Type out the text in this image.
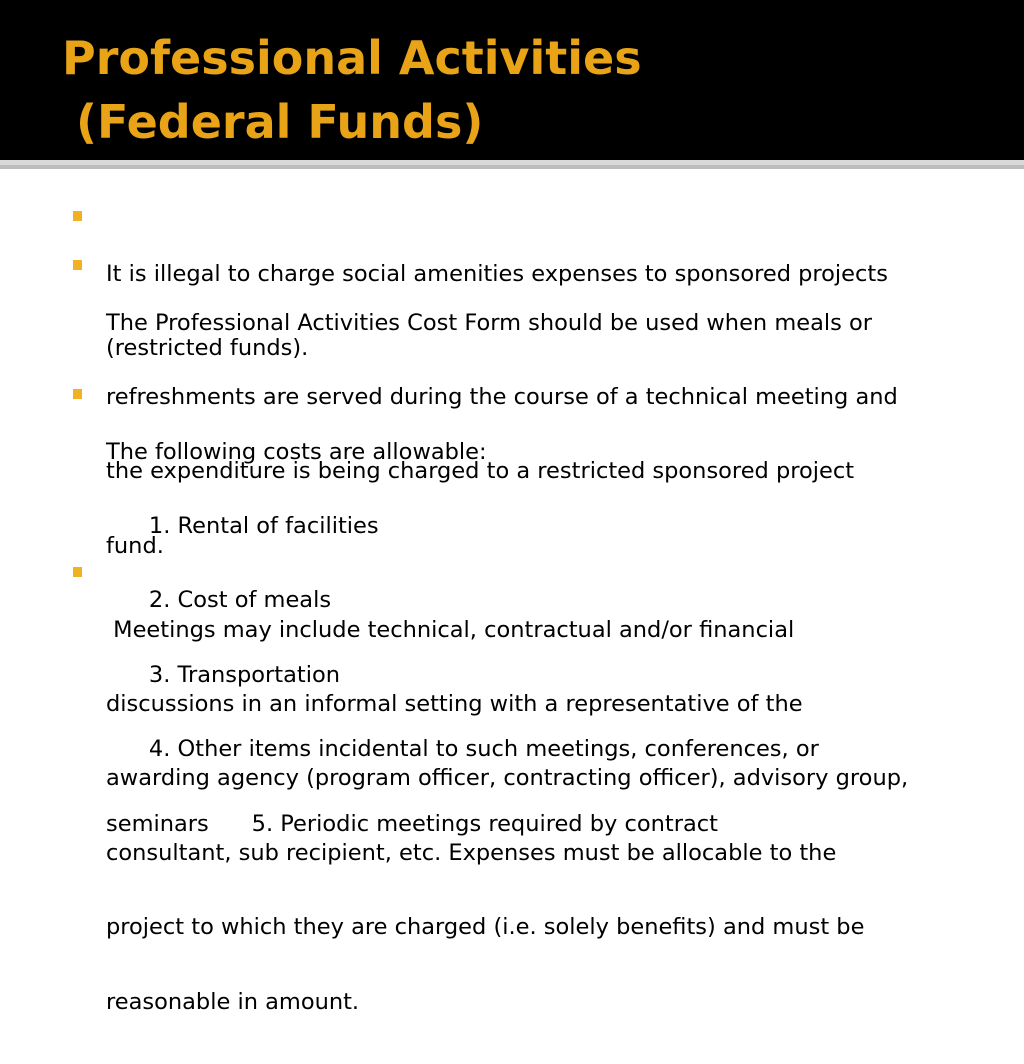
Professional Activities
(Federal Funds)

It is illegal to charge social amenities expenses to sponsored projects

(restricted funds).

The Professional Activities Cost Form should be used when meals or

refreshments are served during the course of a technical meeting and

the expenditure is being charged to a restricted sponsored project

fund.

The following costs are allowable:

1. Rental of facilities

2. Cost of meals

3. Transportation

4. Other items incidental to such meetings, conferences, or

seminars      5. Periodic meetings required by contract

Meetings may include technical, contractual and/or financial

discussions in an informal setting with a representative of the

awarding agency (program officer, contracting officer), advisory group,

consultant, sub recipient, etc. Expenses must be allocable to the

project to which they are charged (i.e. solely benefits) and must be

reasonable in amount.
